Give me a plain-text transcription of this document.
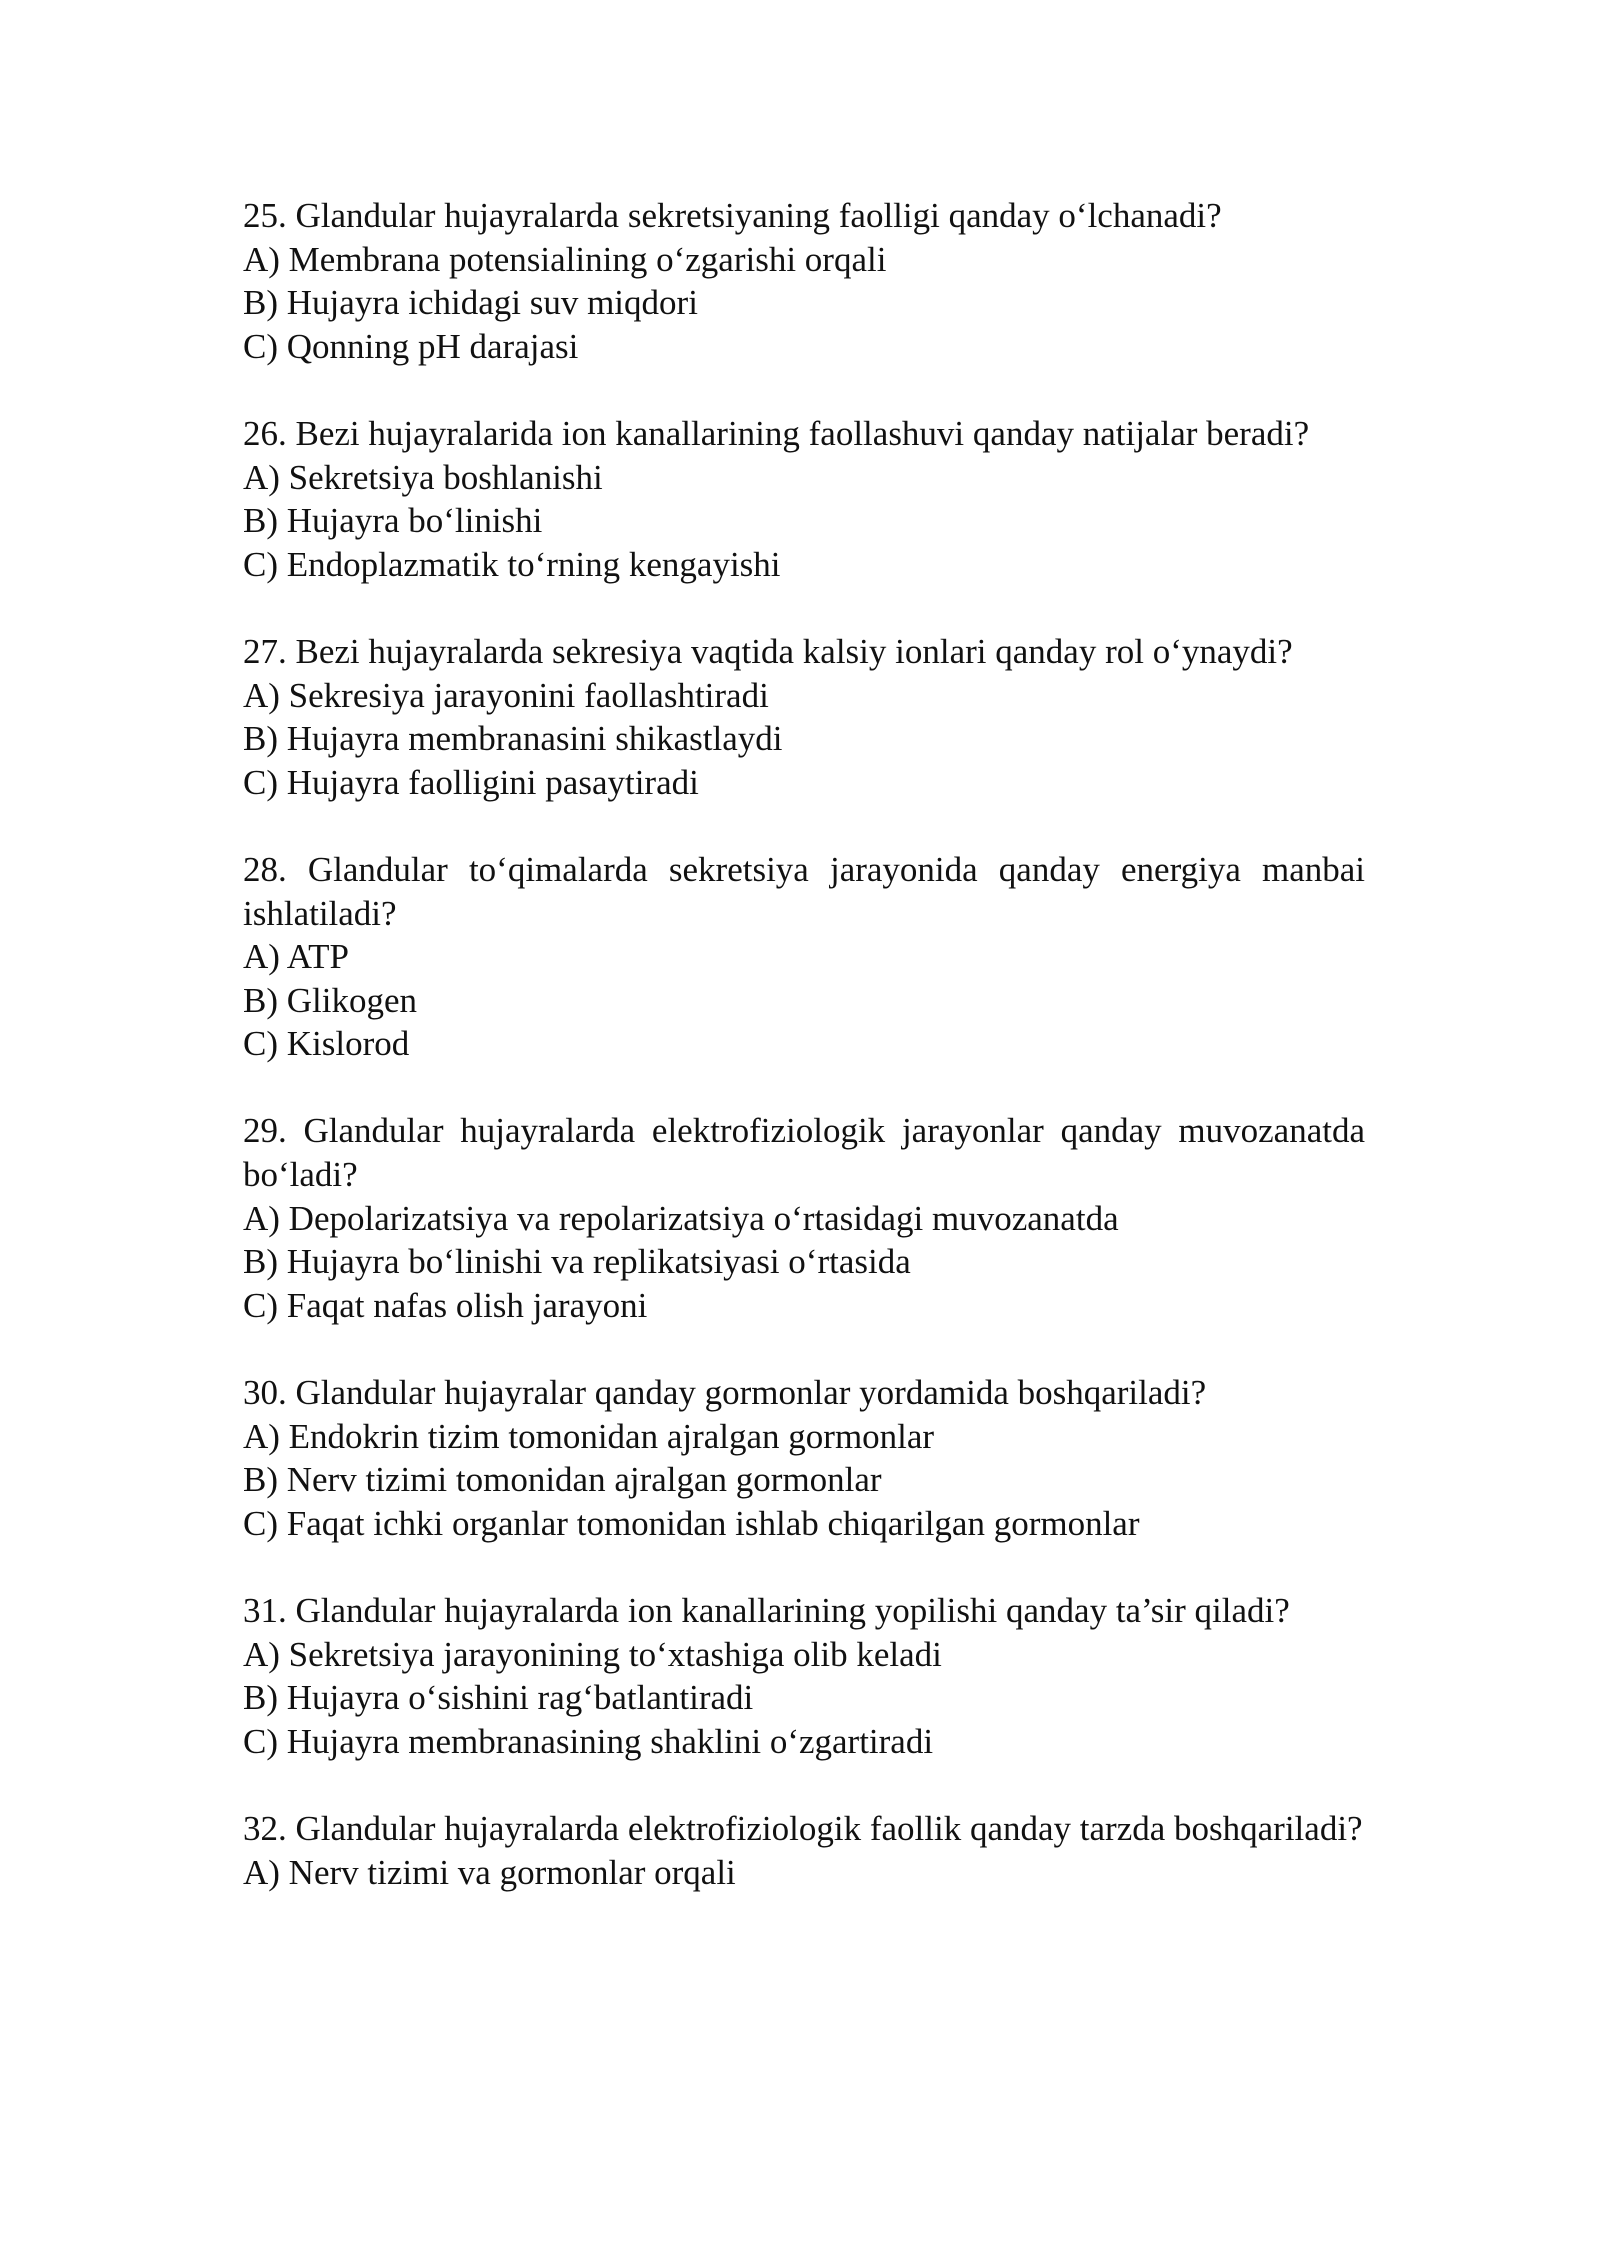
25. Glandular hujayralarda sekretsiyaning faolligi qanday o‘lchanadi?

A) Membrana potensialining o‘zgarishi orqali

B) Hujayra ichidagi suv miqdori

C) Qonning pH darajasi

26. Bezi hujayralarida ion kanallarining faollashuvi qanday natijalar beradi?

A) Sekretsiya boshlanishi

B) Hujayra bo‘linishi

C) Endoplazmatik to‘rning kengayishi

27. Bezi hujayralarda sekresiya vaqtida kalsiy ionlari qanday rol o‘ynaydi?

A) Sekresiya jarayonini faollashtiradi

B) Hujayra membranasini shikastlaydi

C) Hujayra faolligini pasaytiradi

28. Glandular to‘qimalarda sekretsiya jarayonida qanday energiya manbai ishlatiladi?

A) ATP

B) Glikogen

C) Kislorod

29. Glandular hujayralarda elektrofiziologik jarayonlar qanday muvozanatda bo‘ladi?

A) Depolarizatsiya va repolarizatsiya o‘rtasidagi muvozanatda

B) Hujayra bo‘linishi va replikatsiyasi o‘rtasida

C) Faqat nafas olish jarayoni

30. Glandular hujayralar qanday gormonlar yordamida boshqariladi?

A) Endokrin tizim tomonidan ajralgan gormonlar

B) Nerv tizimi tomonidan ajralgan gormonlar

C) Faqat ichki organlar tomonidan ishlab chiqarilgan gormonlar

31. Glandular hujayralarda ion kanallarining yopilishi qanday ta’sir qiladi?

A) Sekretsiya jarayonining to‘xtashiga olib keladi

B) Hujayra o‘sishini rag‘batlantiradi

C) Hujayra membranasining shaklini o‘zgartiradi

32. Glandular hujayralarda elektrofiziologik faollik qanday tarzda boshqariladi?

A) Nerv tizimi va gormonlar orqali
